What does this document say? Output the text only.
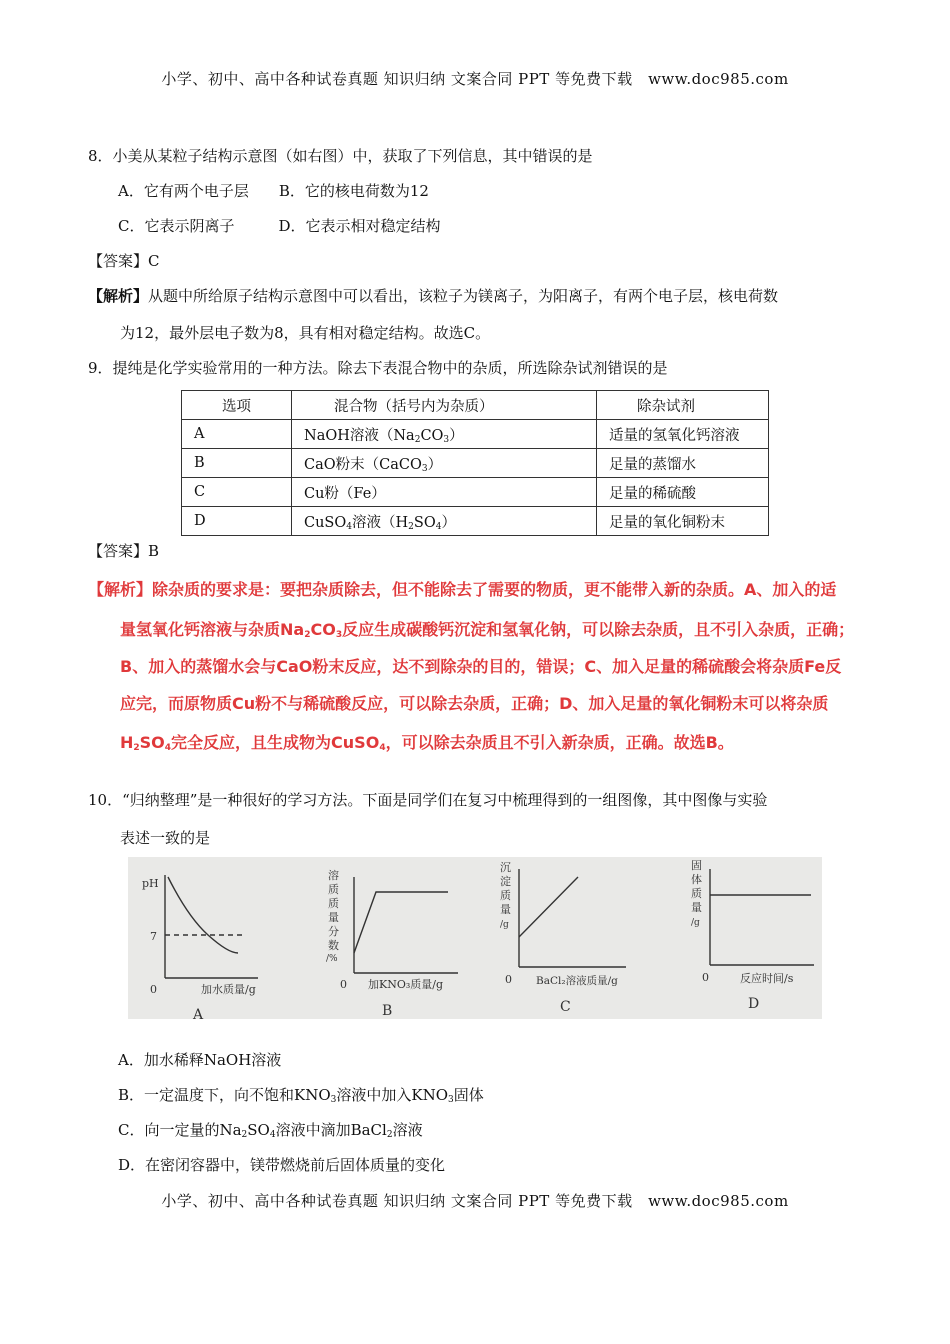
小学、初中、高中各种试卷真题 知识归纳 文案合同 PPT 等免费下载　www.doc985.com
8．小美从某粒子结构示意图（如右图）中，获取了下列信息，其中错误的是
A．它有两个电子层 B．它的核电荷数为12
C．它表示阴离子	D．它表示相对稳定结构
【答案】C
【解析】从题中所给原子结构示意图中可以看出，该粒子为镁离子，为阳离子，有两个电子层，核电荷数
为12，最外层电子数为8，具有相对稳定结构。故选C。
9．提纯是化学实验常用的一种方法。除去下表混合物中的杂质，所选除杂试剂错误的是
选项	混合物（括号内为杂质）	除杂试剂
A	NaOH溶液$(Na_2CO_3)$	适量的氢氧化钙溶液
B	CaO粉末（CaCO$_3$）	足量的蒸馏水
C	Cu粉（Fe）	足量的稀硫酸
D	CuSO$_4$溶液$(H_2SO_4)$	足量的氧化铜粉末
【答案】B
【解析】除杂质的要求是：要把杂质除去，但不能除去了需要的物质，更不能带入新的杂质。A、加入的适
量氢氧化钙溶液与杂质$Na_2CO_3$反应生成碳酸钙沉淀和氢氧化钠，可以除去杂质，且不引入杂质，正确；
B、加入的蒸馏水会与CaO粉末反应，达不到除杂的目的，错误；C、加入足量的稀硫酸会将杂质Fe反
应完，而原物质Cu粉不与稀硫酸反应，可以除去杂质，正确；D、加入足量的氧化铜粉末可以将杂质
$H_2SO_4$完全反应，且生成物为CuSO$_4$，可以除去杂质且不引入新杂质，正确。故选B。
10．“归纳整理”是一种很好的学习方法。下面是同学们在复习中梳理得到的一组图像，其中图像与实验
表述一致的是
pH
7
0	加水质量/g
A
溶
质
质
量
分
数
/%
0 加KNO₃质量/g
B
沉
淀
质
量
/g
0 BaCl₂溶液质量/g
C
固
体
质
量
/g
0	反应时间/s
D
A．加水稀释NaOH溶液
B．一定温度下，向不饱和$KNO_3$溶液中加入$KNO_3$固体
C．向一定量的$Na_2SO_4$溶液中滴加BaCl$_2$溶液
D．在密闭容器中，镁带燃烧前后固体质量的变化
小学、初中、高中各种试卷真题 知识归纳 文案合同 PPT 等免费下载　www.doc985.com
